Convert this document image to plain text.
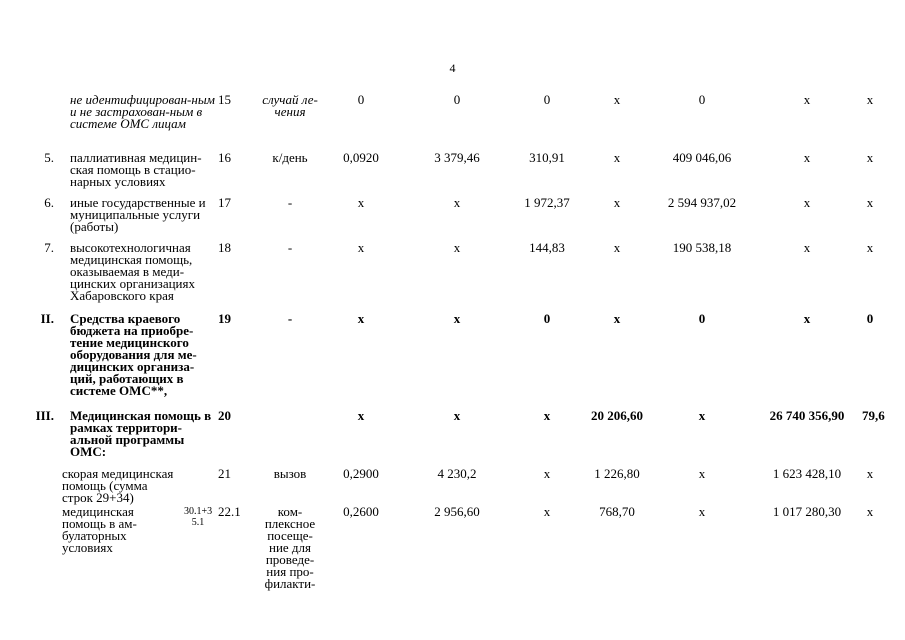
4
	не идентифицирован-ным и не застрахован-ным в системе ОМС лицам		15	случай ле-чения	0	0	0	x	0	x	x
5.	паллиативная медицин-ская помощь в стацио-нарных условиях		16	к/день	0,0920	3 379,46	310,91	x	409 046,06	x	x
6.	иные государственные и муниципальные услуги (работы)		17	-	x	x	1 972,37	x	2 594 937,02	x	x
7.	высокотехнологичная медицинская помощь, оказываемая в меди-цинских организациях Хабаровского края		18	-	x	x	144,83	x	190 538,18	x	x
II.	Средства краевого бюджета на приобре-тение медицинского оборудования для ме-дицинских организа-ций, работающих в системе ОМС**,		19	-	x	x	0	x	0	x	0
III.	Медицинская помощь в рамках территори-альной программы ОМС:		20		x	x	x	20 206,60	x	26 740 356,90	79,6
	скорая медицинская помощь (сумма строк 29+34)		21	вызов	0,2900	4 230,2	x	1 226,80	x	1 623 428,10	x
	медицинская помощь в ам-булаторных условиях	30.1+3 5.1	22.1	ком-плексное посеще-ние для проведе-ния про-филакти-	0,2600	2 956,60	x	768,70	x	1 017 280,30	x
